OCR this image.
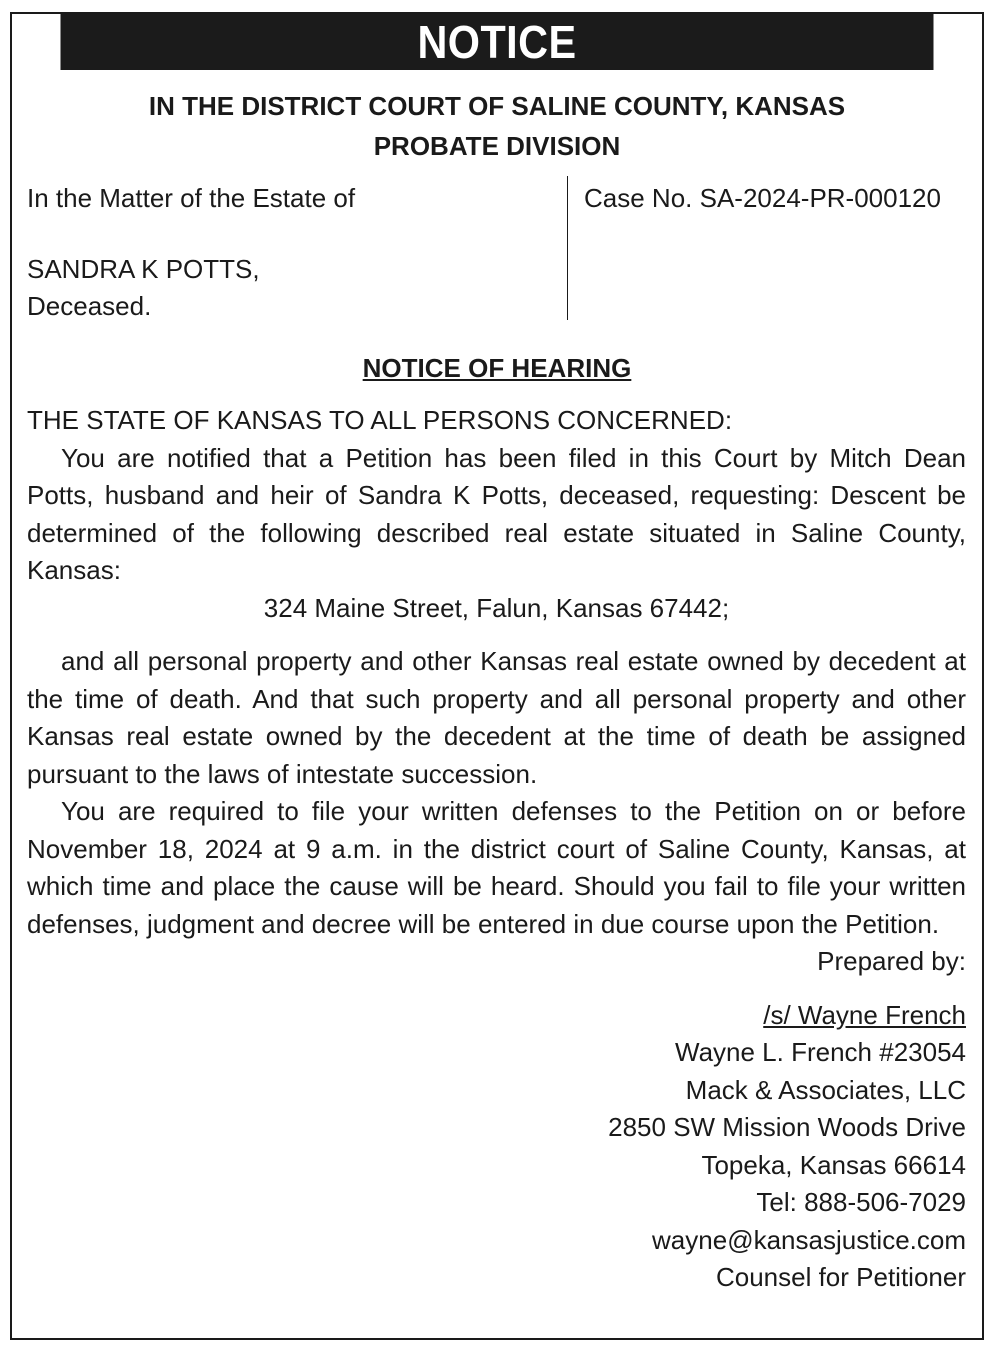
NOTICE
IN THE DISTRICT COURT OF SALINE COUNTY, KANSAS
PROBATE DIVISION
In the Matter of the Estate of
SANDRA K POTTS,
Deceased.
Case No. SA-2024-PR-000120
NOTICE OF HEARING

THE STATE OF KANSAS TO ALL PERSONS CONCERNED:

You are notified that a Petition has been filed in this Court by Mitch Dean Potts, husband and heir of Sandra K Potts, deceased, requesting: Descent be determined of the following described real estate situated in Saline County, Kansas:

324 Maine Street, Falun, Kansas 67442;

and all personal property and other Kansas real estate owned by decedent at the time of death. And that such property and all personal property and other Kansas real estate owned by the decedent at the time of death be assigned pursuant to the laws of intestate succession.

You are required to file your written defenses to the Petition on or before November 18, 2024 at 9 a.m. in the district court of Saline County, Kansas, at which time and place the cause will be heard. Should you fail to file your written defenses, judgment and decree will be entered in due course upon the Petition.

Prepared by:

/s/ Wayne French

Wayne L. French #23054

Mack & Associates, LLC

2850 SW Mission Woods Drive

Topeka, Kansas 66614

Tel: 888-506-7029

wayne@kansasjustice.com

Counsel for Petitioner
